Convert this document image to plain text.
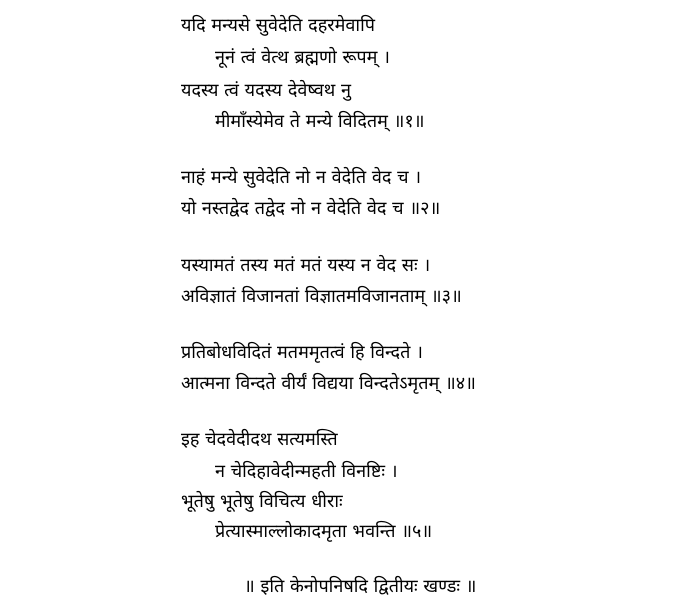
यदि मन्यसे सुवेदेति दहरमेवापि
नूनं त्वं वेत्थ ब्रह्मणो रूपम् ।
यदस्य त्वं यदस्य देवेष्वथ नु
मीमाँस्येमेव ते मन्ये विदितम् ॥१॥
नाहं मन्ये सुवेदेति नो न वेदेति वेद च ।
यो नस्तद्वेद तद्वेद नो न वेदेति वेद च ॥२॥
यस्यामतं तस्य मतं मतं यस्य न वेद सः ।
अविज्ञातं विजानतां विज्ञातमविजानताम् ॥३॥
प्रतिबोधविदितं मतममृतत्वं हि विन्दते ।
आत्मना विन्दते वीर्यं विद्यया विन्दतेऽमृतम् ॥४॥
इह चेदवेदीदथ सत्यमस्ति
न चेदिहावेदीन्महती विनष्टिः ।
भूतेषु भूतेषु विचित्य धीराः
प्रेत्यास्माल्लोकादमृता भवन्ति ॥५॥
॥ इति केनोपनिषदि द्वितीयः खण्डः ॥
